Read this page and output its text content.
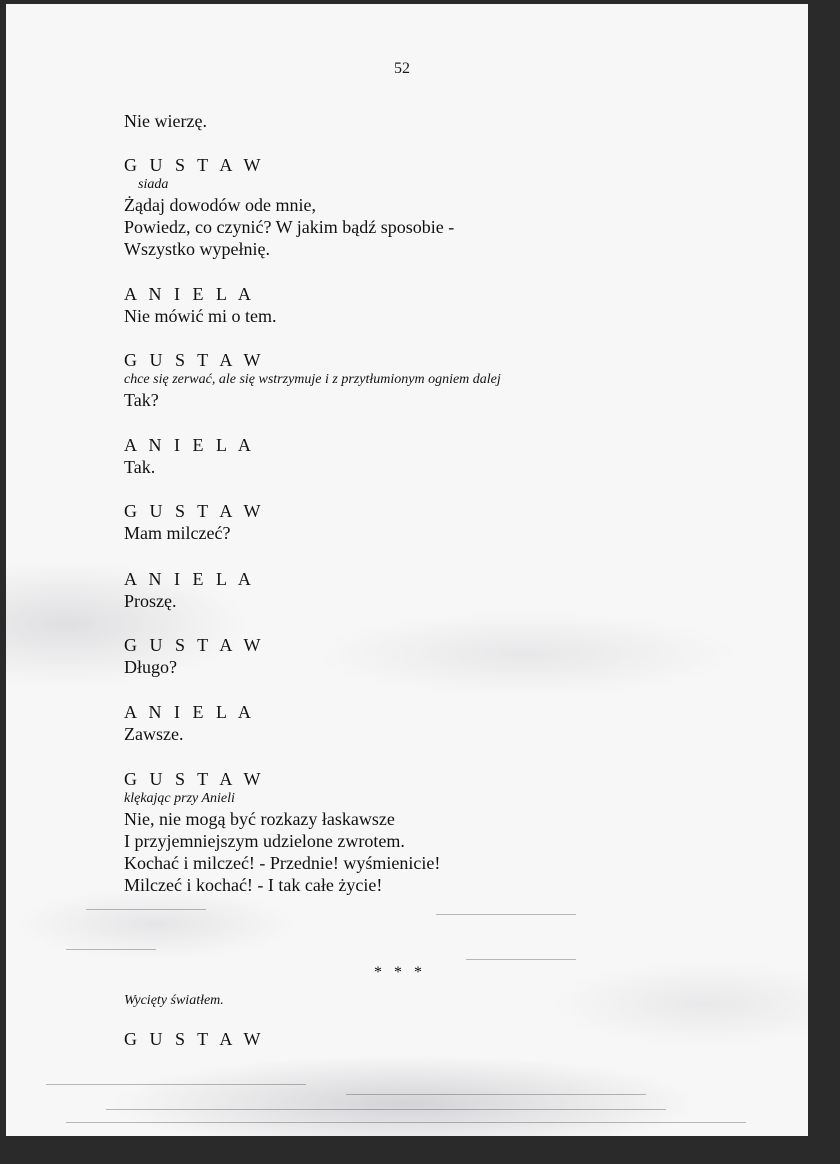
52
Nie wierzę.
G U S T A W
siada
Żądaj dowodów ode mnie,
Powiedz, co czynić? W jakim bądź sposobie -
Wszystko wypełnię.
A N I E L A
Nie mówić mi o tem.
G U S T A W
chce się zerwać, ale się wstrzymuje i z przytłumionym ogniem dalej
Tak?
A N I E L A
Tak.
G U S T A W
Mam milczeć?
A N I E L A
Proszę.
G U S T A W
Długo?
A N I E L A
Zawsze.
G U S T A W
klękając przy Anieli
Nie, nie mogą być rozkazy łaskawsze
I przyjemniejszym udzielone zwrotem.
Kochać i milczeć! - Przednie! wyśmienicie!
Milczeć i kochać! - I tak całe życie!
* * *
Wycięty światłem.
G U S T A W
